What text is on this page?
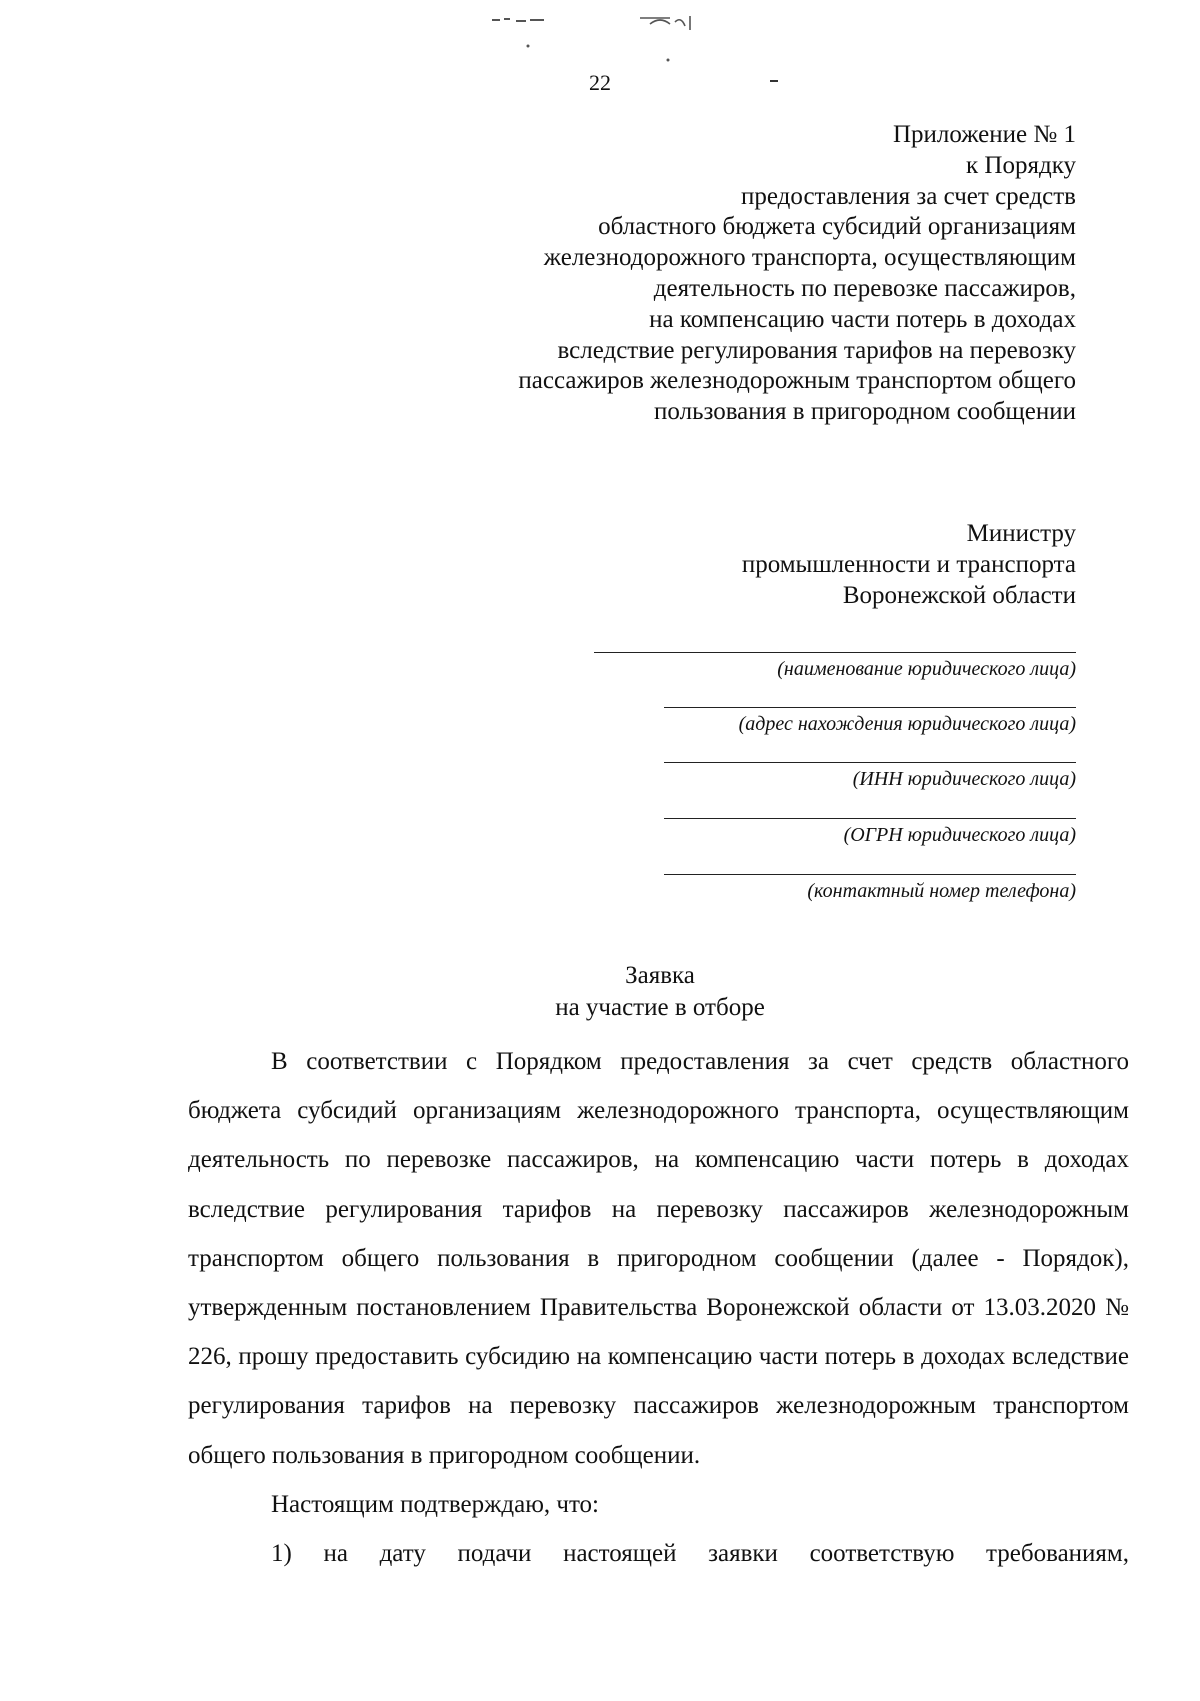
22
Приложение № 1
к Порядку
предоставления за счет средств
областного бюджета субсидий организациям
железнодорожного транспорта, осуществляющим
деятельность по перевозке пассажиров,
на компенсацию части потерь в доходах
вследствие регулирования тарифов на перевозку
пассажиров железнодорожным транспортом общего
пользования в пригородном сообщении
Министру
промышленности и транспорта
Воронежской области
(наименование юридического лица)
(адрес нахождения юридического лица)
(ИНН юридического лица)
(ОГРН юридического лица)
(контактный номер телефона)
Заявка
на участие в отборе

В соответствии с Порядком предоставления за счет средств областного бюджета субсидий организациям железнодорожного транспорта, осуществляющим деятельность по перевозке пассажиров, на компенсацию части потерь в доходах вследствие регулирования тарифов на перевозку пассажиров железнодорожным транспортом общего пользования в пригородном сообщении (далее - Порядок), утвержденным постановлением Правительства Воронежской области от 13.03.2020 № 226, прошу предоставить субсидию на компенсацию части потерь в доходах вследствие регулирования тарифов на перевозку пассажиров железнодорожным транспортом общего пользования в пригородном сообщении.

Настоящим подтверждаю, что:

1) на дату подачи настоящей заявки соответствую требованиям,
